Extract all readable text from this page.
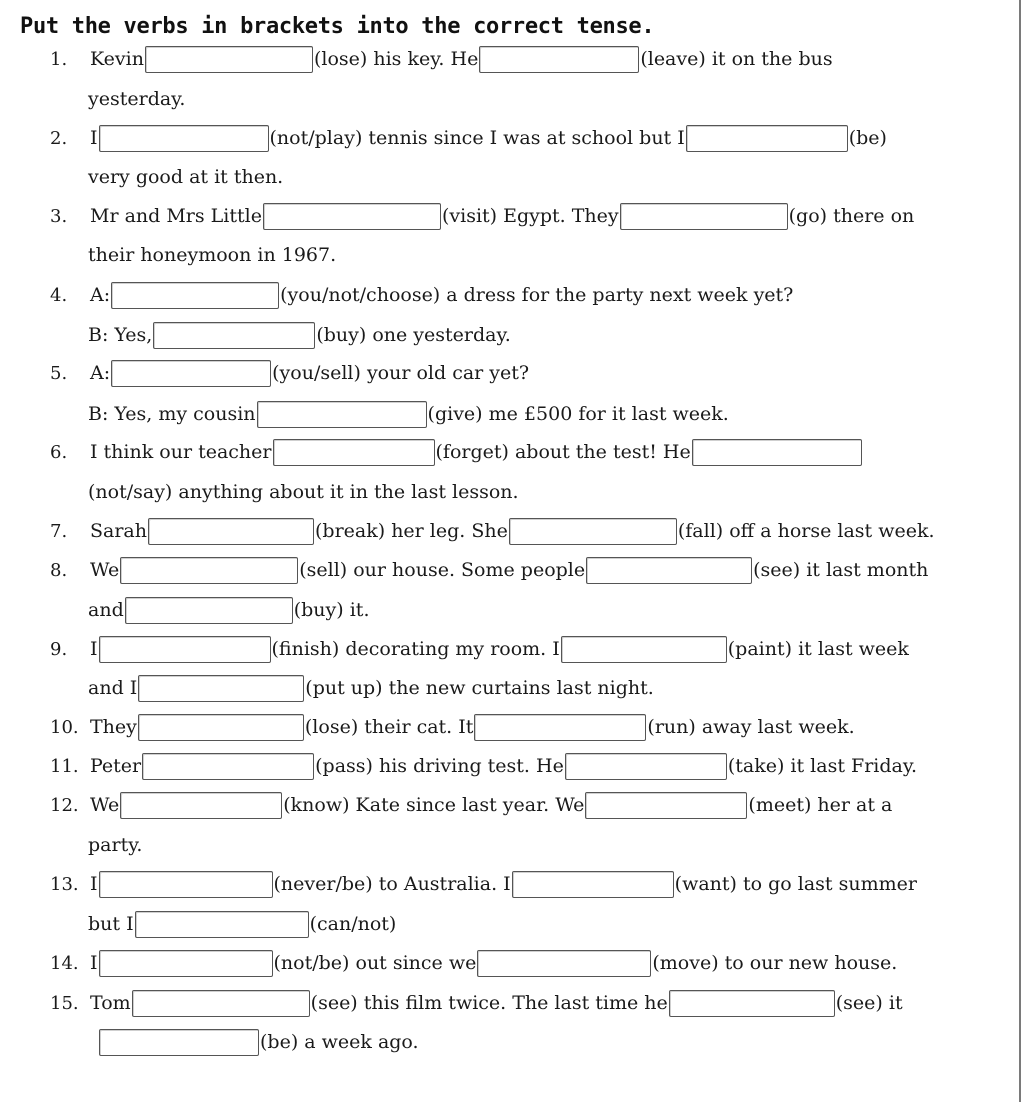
Put the verbs in brackets into the correct tense.
1.	Kevin	(lose) his key. He	(leave) it on the bus
yesterday.
2.	I	(not/play) tennis since I was at school but I	(be)
very good at it then.
3.	Mr and Mrs Little	(visit) Egypt. They	(go) there on
their honeymoon in 1967.
4.	A:	(you/not/choose) a dress for the party next week yet?
B: Yes,	(buy) one yesterday.
5.	A:	(you/sell) your old car yet?
B: Yes, my cousin	(give) me £500 for it last week.
6.	I think our teacher	(forget) about the test! He
(not/say) anything about it in the last lesson.
7.	Sarah	(break) her leg. She	(fall) off a horse last week.
8.	We	(sell) our house. Some people	(see) it last month
and	(buy) it.
9.	I	(finish) decorating my room. I	(paint) it last week
and I	(put up) the new curtains last night.
10. They	(lose) their cat. It	(run) away last week.
11. Peter	(pass) his driving test. He	(take) it last Friday.
12. We	(know) Kate since last year. We	(meet) her at a
party.
13. I	(never/be) to Australia. I	(want) to go last summer
but I	(can/not)
14. I	(not/be) out since we	(move) to our new house.
15. Tom	(see) this film twice. The last time he	(see) it
(be) a week ago.
